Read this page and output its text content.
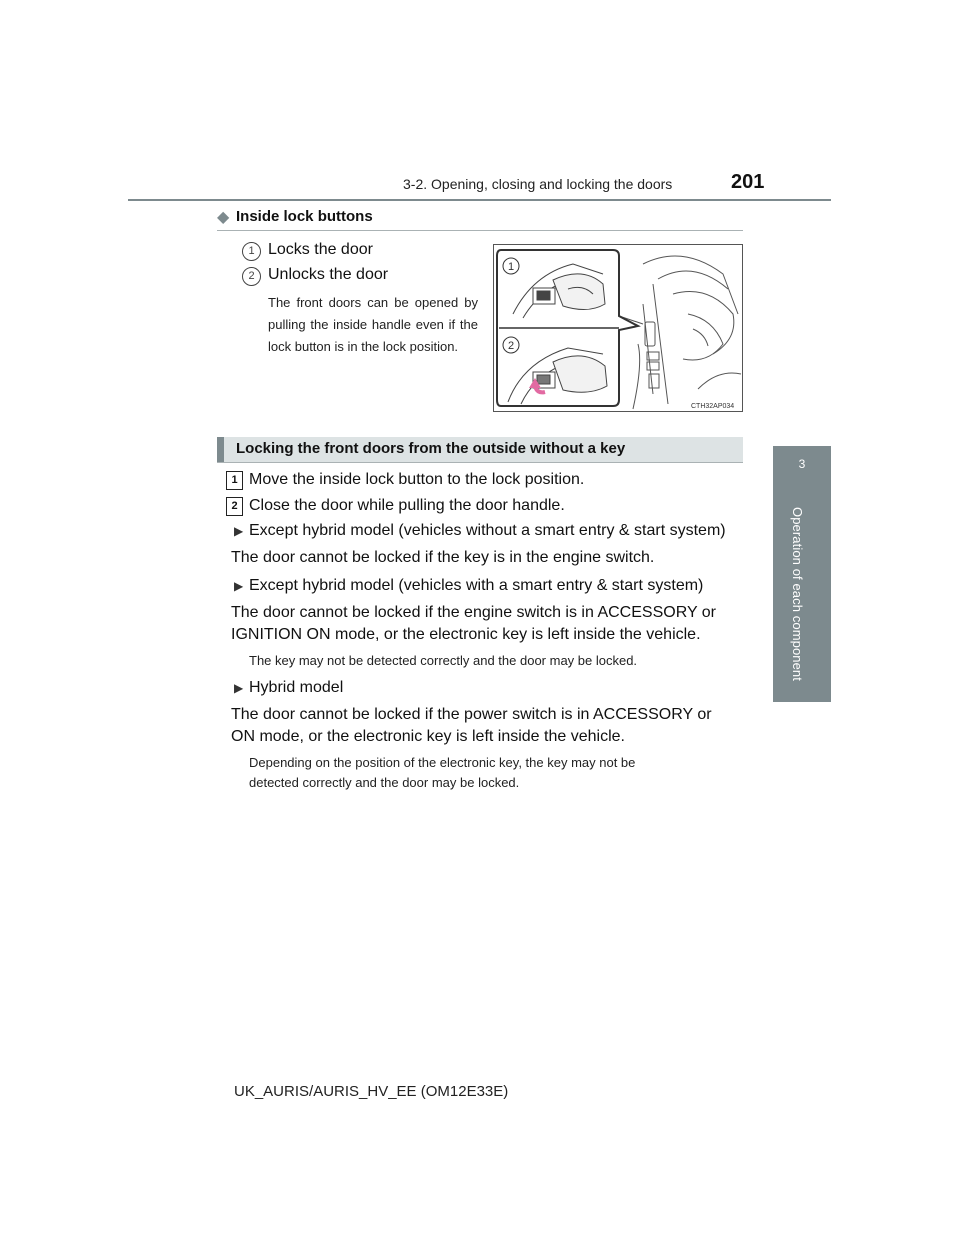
3-2. Opening, closing and locking the doors	201
3
Operation of each component
◆ Inside lock buttons
1 Locks the door
2 Unlocks the door
The front doors can be opened by pulling the inside handle even if the lock button is in the lock position.
1
2
CTH32AP034
Locking the front doors from the outside without a key
1 Move the inside lock button to the lock position.
2 Close the door while pulling the door handle.
▶ Except hybrid model (vehicles without a smart entry & start system)
The door cannot be locked if the key is in the engine switch.
▶ Except hybrid model (vehicles with a smart entry & start system)
The door cannot be locked if the engine switch is in ACCESSORY or
IGNITION ON mode, or the electronic key is left inside the vehicle.
The key may not be detected correctly and the door may be locked.
▶ Hybrid model
The door cannot be locked if the power switch is in ACCESSORY or
ON mode, or the electronic key is left inside the vehicle.
Depending on the position of the electronic key, the key may not be
detected correctly and the door may be locked.
UK_AURIS/AURIS_HV_EE (OM12E33E)
